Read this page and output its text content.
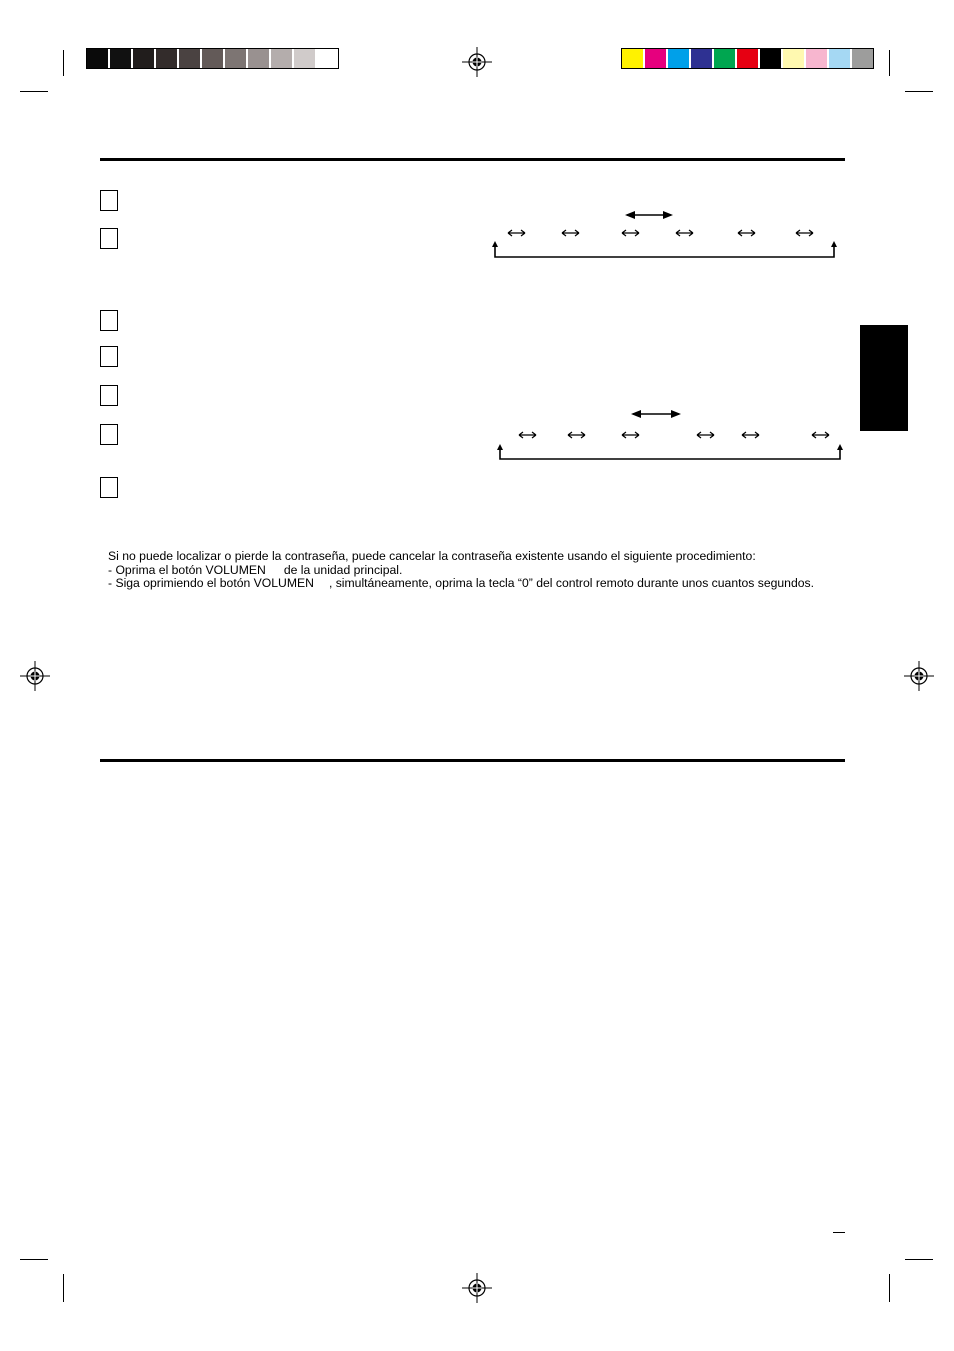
Si no puede localizar o pierde la contraseña, puede cancelar la contraseña existente usando el siguiente procedimiento:
- Oprima el botón VOLUMEN de la unidad principal.
- Siga oprimiendo el botón VOLUMEN , simultáneamente, oprima la tecla “0” del control remoto durante unos cuantos segundos.
